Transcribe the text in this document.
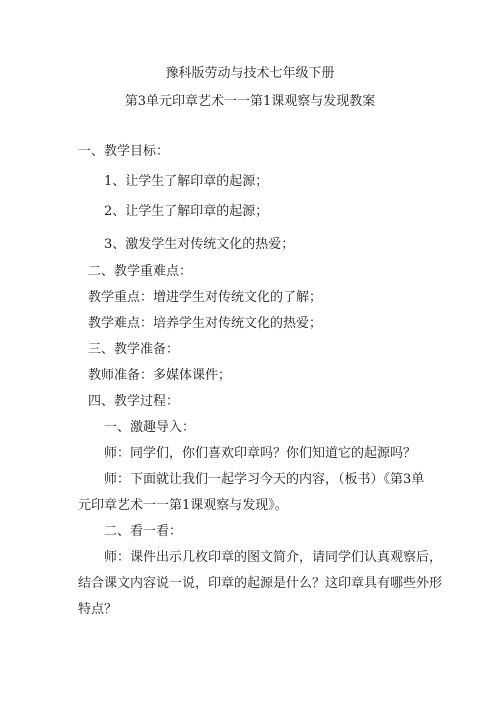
豫科版劳动与技术七年级下册
第3单元印章艺术一一第1课观察与发现教案
一、教学目标：
1、让学生了解印章的起源；
2、让学生了解印章的起源；
3、激发学生对传统文化的热爱；
二、教学重难点：
教学重点：增进学生对传统文化的了解；
教学难点：培养学生对传统文化的热爱；
三、教学准备：
教师准备：多媒体课件；
四、教学过程：
一、激趣导入：
师：同学们，你们喜欢印章吗？你们知道它的起源吗？
师：下面就让我们一起学习今天的内容，（板书）《第3单
元印章艺术一一第1课观察与发现》。
二、看一看：
师：课件出示几枚印章的图文简介，请同学们认真观察后，
结合课文内容说一说，印章的起源是什么？这印章具有哪些外形
特点？
